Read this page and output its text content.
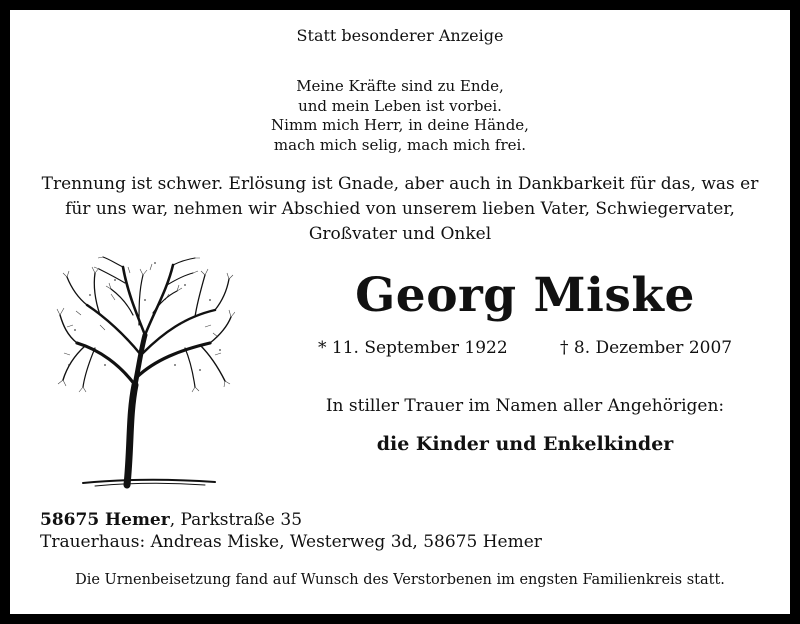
Statt besonderer Anzeige
Meine Kräfte sind zu Ende,
und mein Leben ist vorbei.
Nimm mich Herr, in deine Hände,
mach mich selig, mach mich frei.
Trennung ist schwer. Erlösung ist Gnade, aber auch in Dankbarkeit für das, was er
für uns war, nehmen wir Abschied von unserem lieben Vater, Schwiegervater,
Großvater und Onkel
Georg Miske
* 11. September 1922	† 8. Dezember 2007
In stiller Trauer im Namen aller Angehörigen:
die Kinder und Enkelkinder
58675 Hemer, Parkstraße 35
Trauerhaus: Andreas Miske, Westerweg 3d, 58675 Hemer
Die Urnenbeisetzung fand auf Wunsch des Verstorbenen im engsten Familienkreis statt.
